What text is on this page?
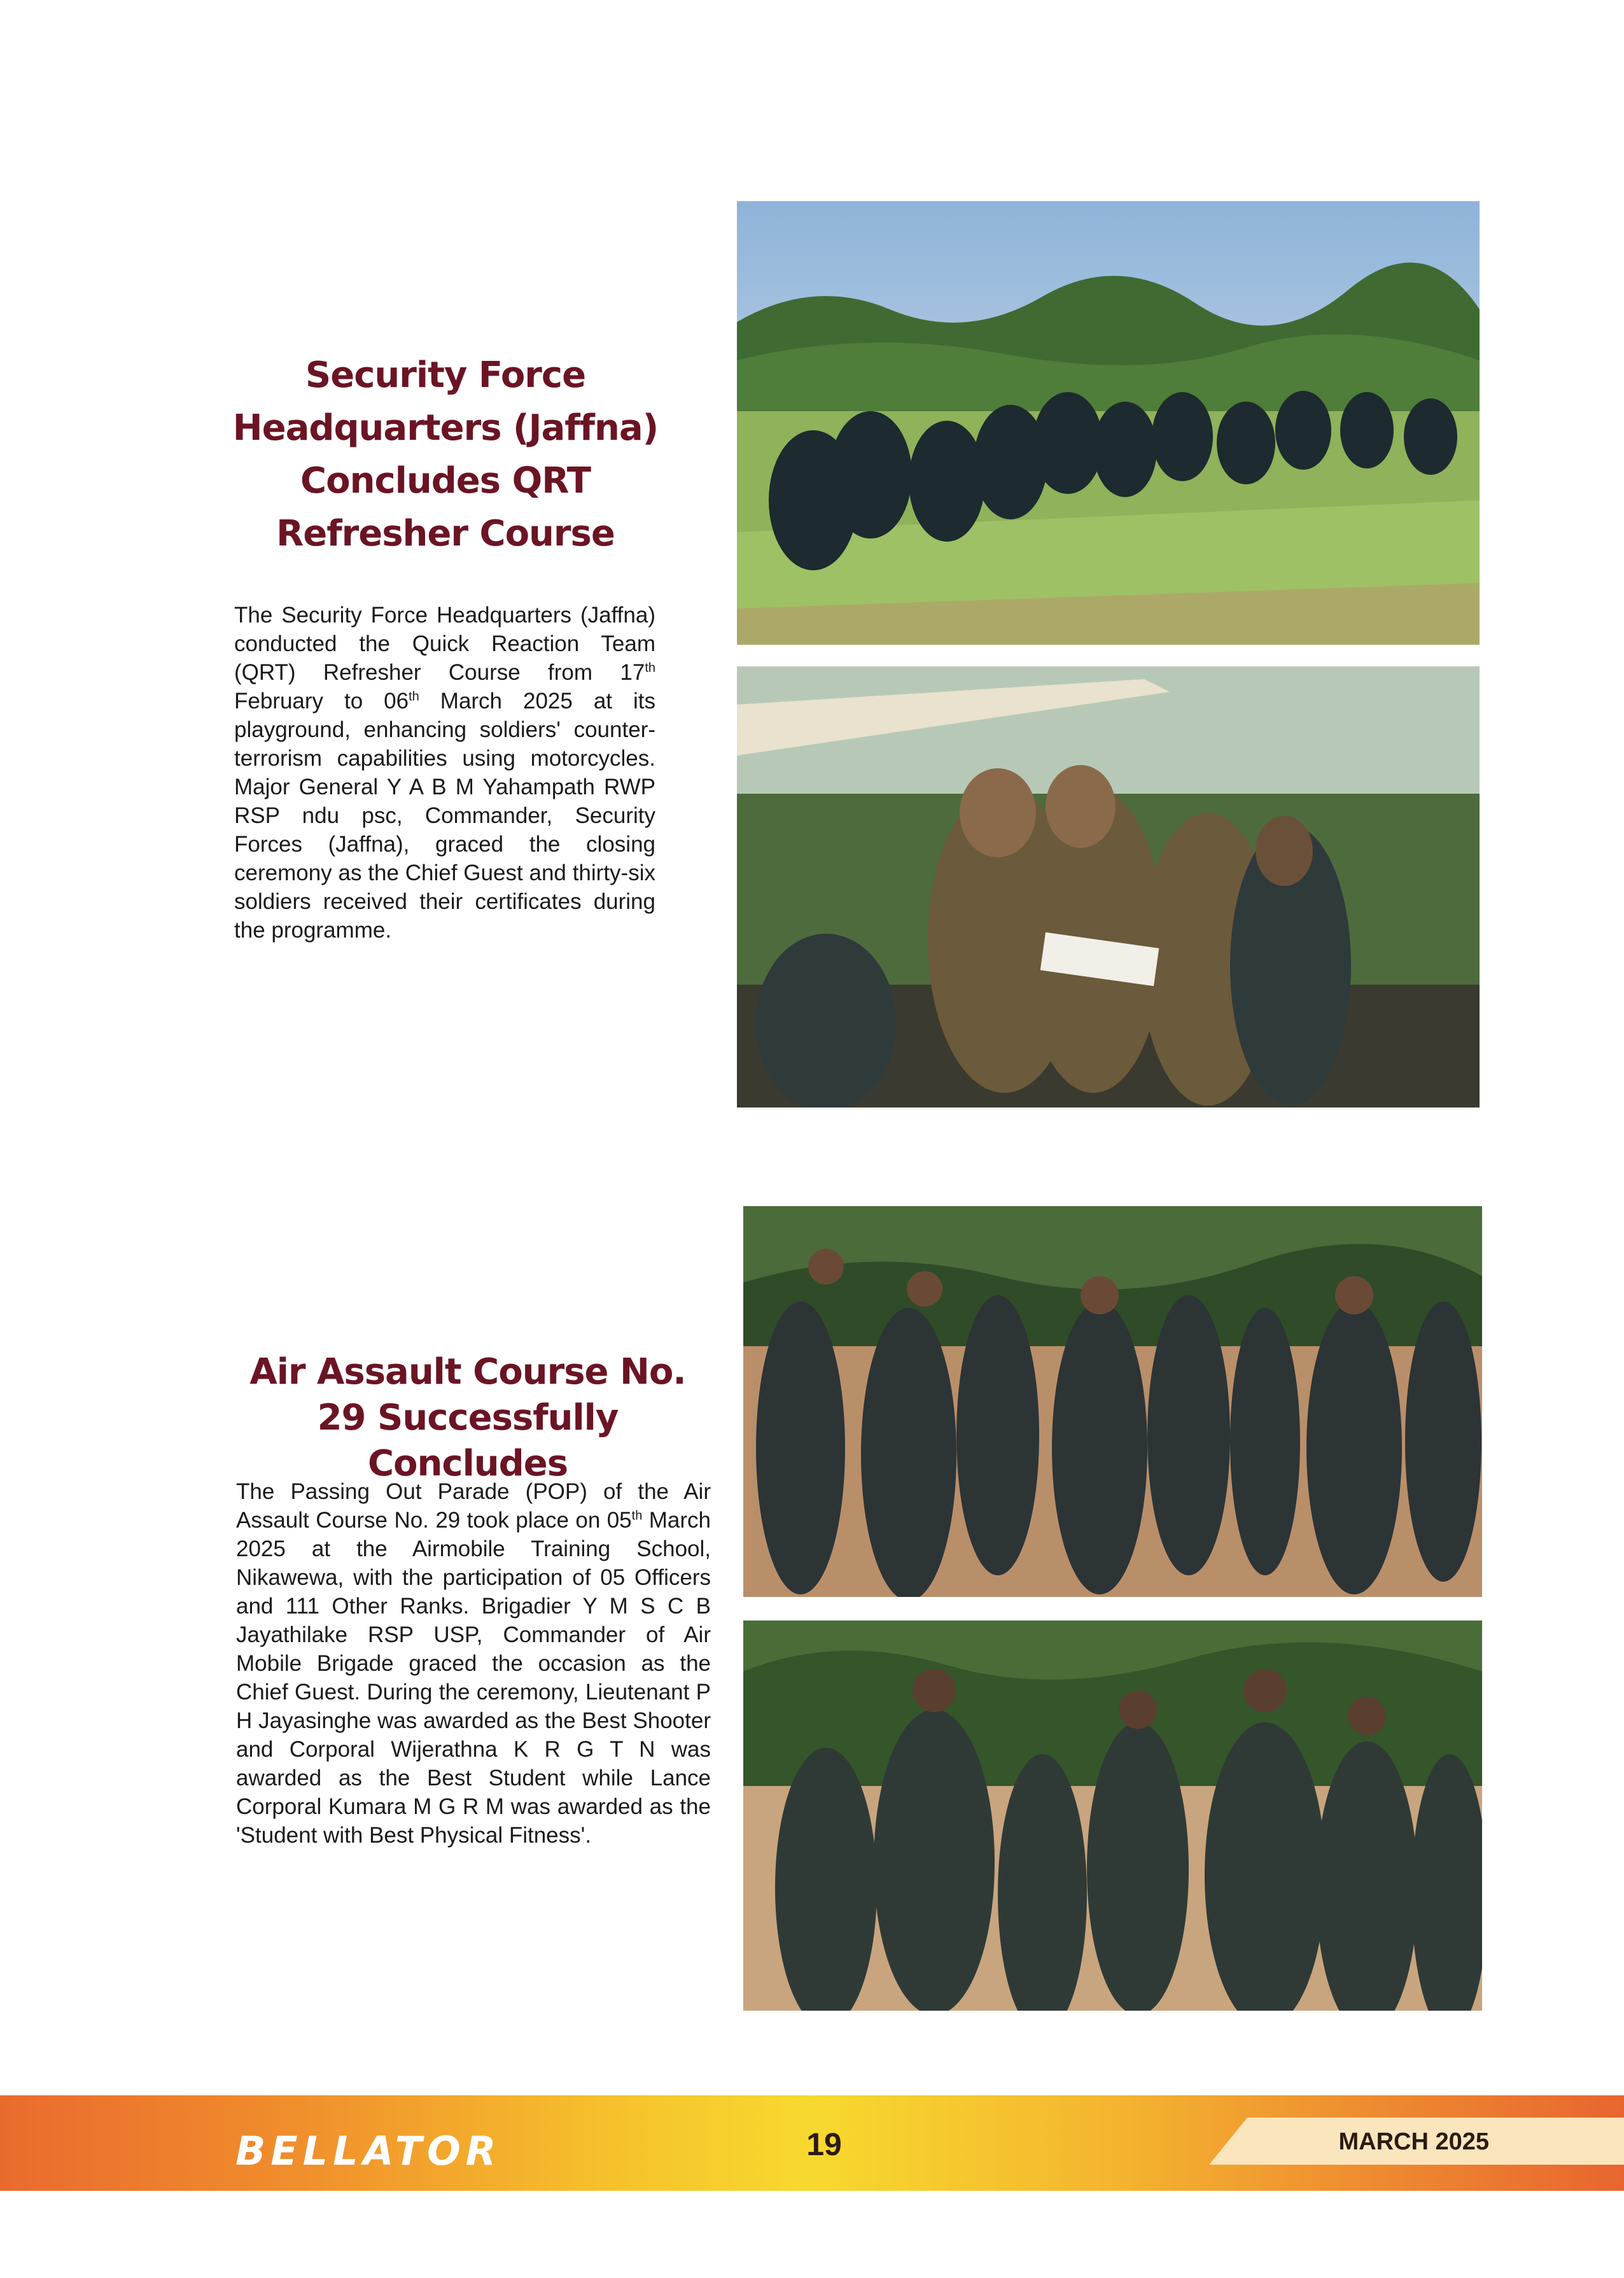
Security Force Headquarters (Jaffna) Concludes QRT Refresher Course

The Security Force Headquarters (Jaffna) conducted the Quick Reaction Team (QRT) Refresher Course from 17th February to 06th March 2025 at its playground, enhancing soldiers' counter-terrorism capabilities using motorcycles. Major General Y A B M Yahampath RWP RSP ndu psc, Commander, Security Forces (Jaffna), graced the closing ceremony as the Chief Guest and thirty-six soldiers received their certificates during the programme.

Air Assault Course No. 29 Successfully Concludes

The Passing Out Parade (POP) of the Air Assault Course No. 29 took place on 05th March 2025 at the Airmobile Training School, Nikawewa, with the participation of 05 Officers and 111 Other Ranks. Brigadier Y M S C B Jayathilake RSP USP, Commander of Air Mobile Brigade graced the occasion as the Chief Guest. During the ceremony, Lieutenant P H Jayasinghe was awarded as the Best Shooter and Corporal Wijerathna K R G T N was awarded as the Best Student while Lance Corporal Kumara M G R M was awarded as the 'Student with Best Physical Fitness'.

BELLATOR	19	MARCH 2025
